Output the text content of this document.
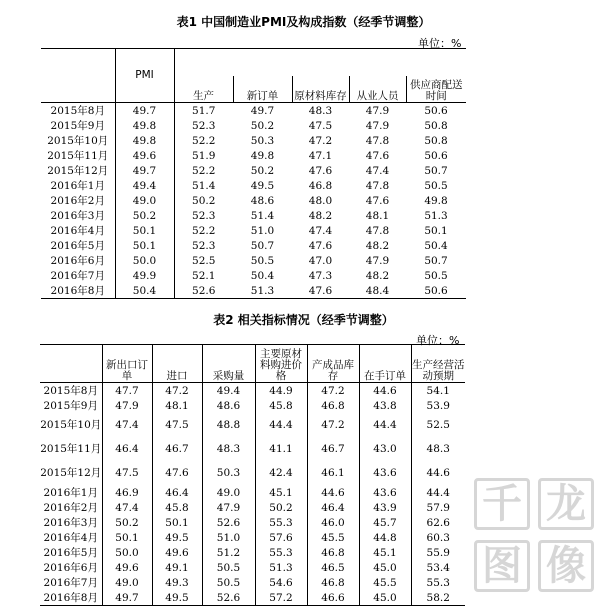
表1 中国制造业PMI及构成指数（经季节调整）
单位：%
	PMI					
		生产	新订单	原材料库存	从业人员	供应商配送时间
2015年8月	49.7	51.7	49.7	48.3	47.9	50.6
2015年9月	49.8	52.3	50.2	47.5	47.9	50.8
2015年10月	49.8	52.2	50.3	47.2	47.8	50.8
2015年11月	49.6	51.9	49.8	47.1	47.6	50.6
2015年12月	49.7	52.2	50.2	47.6	47.4	50.7
2016年1月	49.4	51.4	49.5	46.8	47.8	50.5
2016年2月	49.0	50.2	48.6	48.0	47.6	49.8
2016年3月	50.2	52.3	51.4	48.2	48.1	51.3
2016年4月	50.1	52.2	51.0	47.4	47.8	50.1
2016年5月	50.1	52.3	50.7	47.6	48.2	50.4
2016年6月	50.0	52.5	50.5	47.0	47.9	50.7
2016年7月	49.9	52.1	50.4	47.3	48.2	50.5
2016年8月	50.4	52.6	51.3	47.6	48.4	50.6
表2 相关指标情况（经季节调整）
单位：%
	新出口订单	进口	采购量	主要原材料购进价格	产成品库存	在手订单	生产经营活动预期
2015年8月	47.7	47.2	49.4	44.9	47.2	44.6	54.1
2015年9月	47.9	48.1	48.6	45.8	46.8	43.8	53.9
2015年10月	47.4	47.5	48.8	44.4	47.2	44.4	52.5
2015年11月	46.4	46.7	48.3	41.1	46.7	43.0	48.3
2015年12月	47.5	47.6	50.3	42.4	46.1	43.6	44.6
2016年1月	46.9	46.4	49.0	45.1	44.6	43.6	44.4
2016年2月	47.4	45.8	47.9	50.2	46.4	43.9	57.9
2016年3月	50.2	50.1	52.6	55.3	46.0	45.7	62.6
2016年4月	50.1	49.5	51.0	57.6	45.5	44.8	60.3
2016年5月	50.0	49.6	51.2	55.3	46.8	45.1	55.9
2016年6月	49.6	49.1	50.5	51.3	46.5	45.0	53.4
2016年7月	49.0	49.3	50.5	54.6	46.8	45.5	55.3
2016年8月	49.7	49.5	52.6	57.2	46.6	45.0	58.2
千 龙
图 像
